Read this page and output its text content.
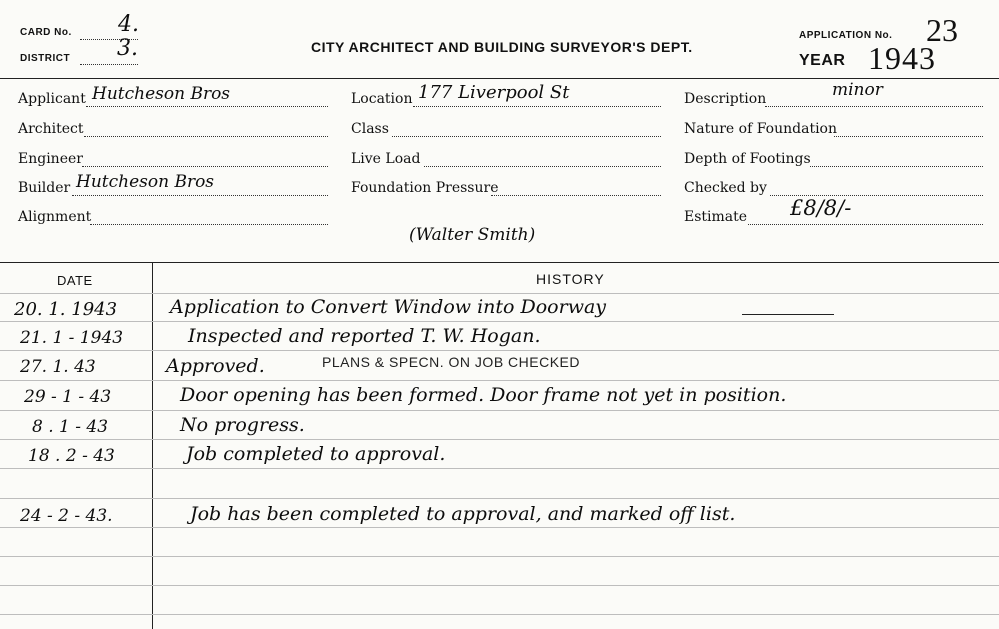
CARD No. 4.
DISTRICT 3.	CITY ARCHITECT AND BUILDING SURVEYOR'S DEPT.
APPLICATION No. 23
YEAR 1943
Applicant Hutcheson Bros
Architect
Engineer
Builder Hutcheson Bros
Alignment
Location 177 Liverpool St
Class
Live Load
Foundation Pressure
(Walter Smith)
Description	minor
Nature of Foundation
Depth of Footings
Checked by
Estimate £8/8/-
DATE	HISTORY
PLANS & SPECN. ON JOB CHECKED
20. 1. 1943	Application to Convert Window into Doorway
21. 1 - 1943	Inspected and reported T. W. Hogan.
27. 1. 43	Approved.
29 - 1 - 43	Door opening has been formed. Door frame not yet in position.
8 . 1 - 43	No progress.
18 . 2 - 43	Job completed to approval.
24 - 2 - 43.	Job has been completed to approval, and marked off list.
